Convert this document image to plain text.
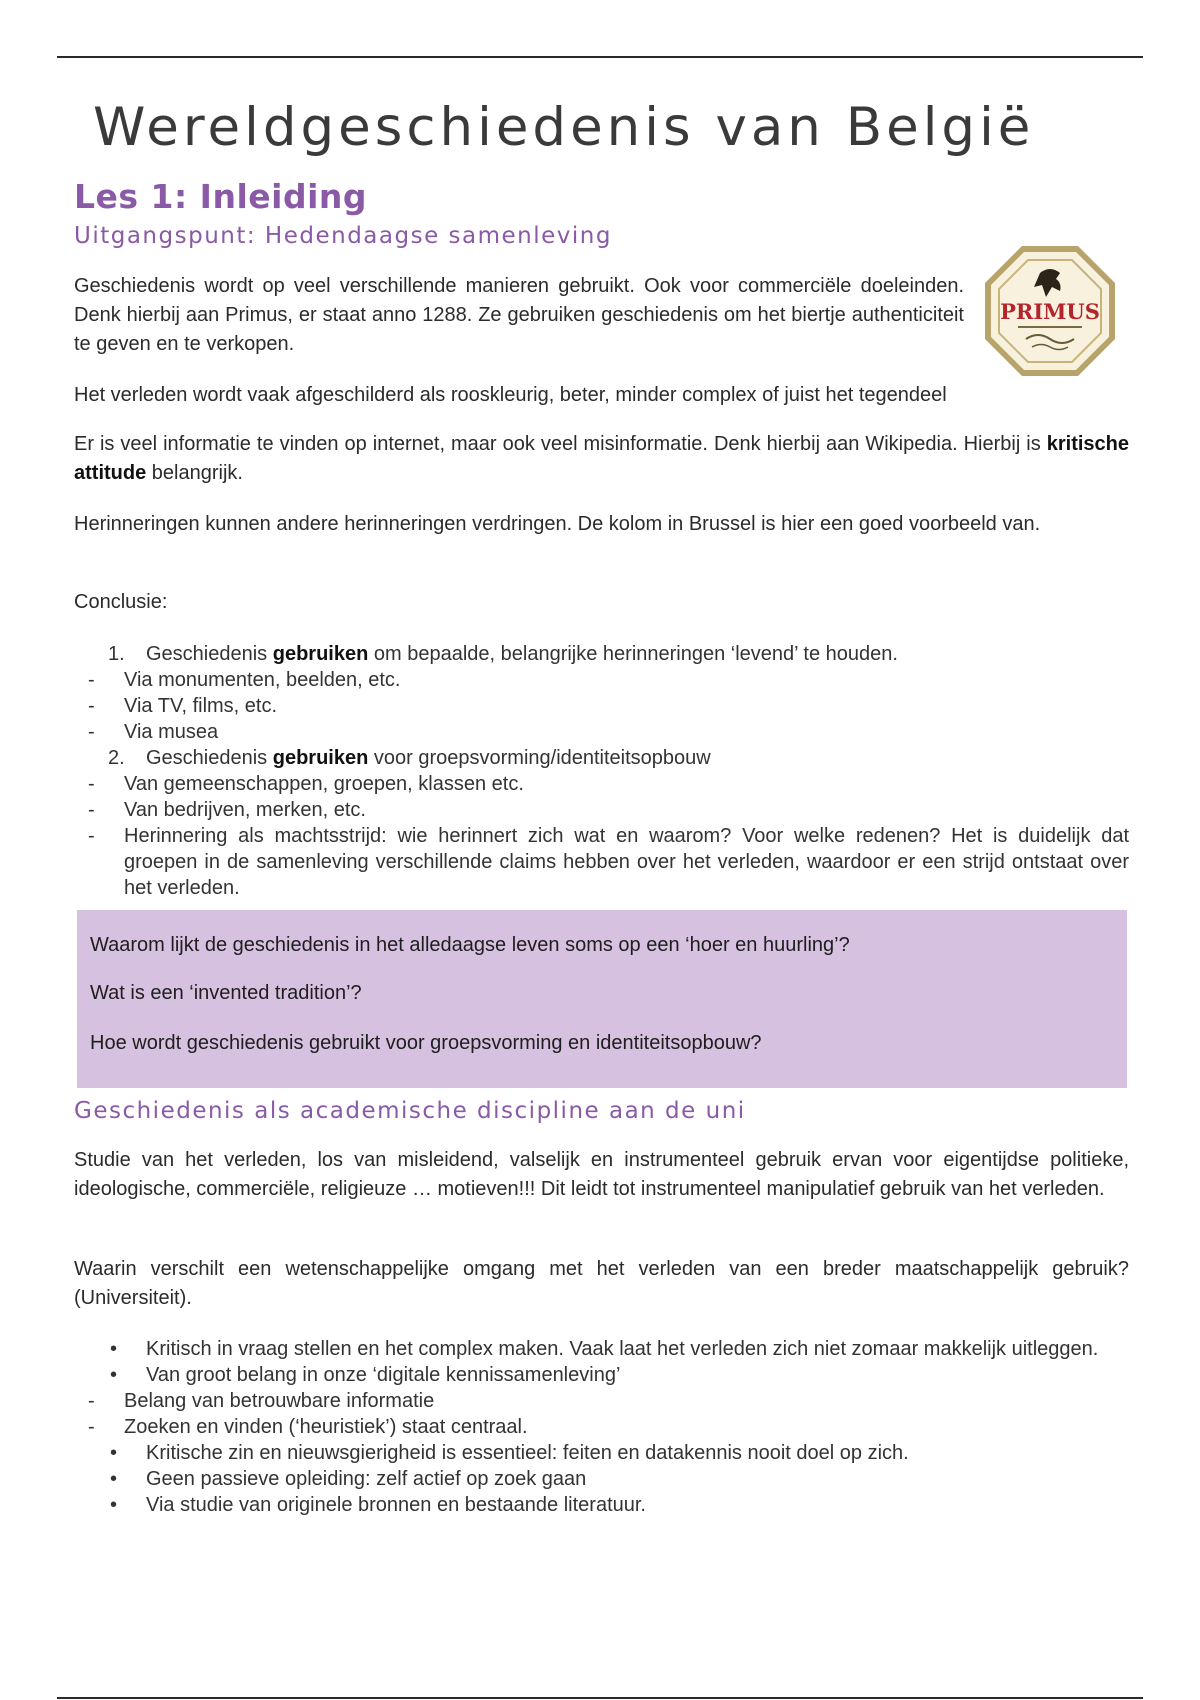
Wereldgeschiedenis van België
Les 1: Inleiding
Uitgangspunt: Hedendaagse samenleving

Geschiedenis wordt op veel verschillende manieren gebruikt. Ook voor commerciële doeleinden. Denk hierbij aan Primus, er staat anno 1288. Ze gebruiken geschiedenis om het biertje authenticiteit te geven en te verkopen.

PRIMUS

Het verleden wordt vaak afgeschilderd als rooskleurig, beter, minder complex of juist het tegendeel

Er is veel informatie te vinden op internet, maar ook veel misinformatie. Denk hierbij aan Wikipedia. Hierbij is kritische attitude belangrijk.

Herinneringen kunnen andere herinneringen verdringen. De kolom in Brussel is hier een goed voorbeeld van.

Conclusie:

1. Geschiedenis gebruiken om bepaalde, belangrijke herinneringen ‘levend’ te houden.
- Via monumenten, beelden, etc.
- Via TV, films, etc.
- Via musea
2. Geschiedenis gebruiken voor groepsvorming/identiteitsopbouw
- Van gemeenschappen, groepen, klassen etc.
- Van bedrijven, merken, etc.
- Herinnering als machtsstrijd: wie herinnert zich wat en waarom? Voor welke redenen? Het is duidelijk dat groepen in de samenleving verschillende claims hebben over het verleden, waardoor er een strijd ontstaat over het verleden.

Waarom lijkt de geschiedenis in het alledaagse leven soms op een ‘hoer en huurling’?

Wat is een ‘invented tradition’?

Hoe wordt geschiedenis gebruikt voor groepsvorming en identiteitsopbouw?

Geschiedenis als academische discipline aan de uni

Studie van het verleden, los van misleidend, valselijk en instrumenteel gebruik ervan voor eigentijdse politieke, ideologische, commerciële, religieuze … motieven!!! Dit leidt tot instrumenteel manipulatief gebruik van het verleden.

Waarin verschilt een wetenschappelijke omgang met het verleden van een breder maatschappelijk gebruik? (Universiteit).

• Kritisch in vraag stellen en het complex maken. Vaak laat het verleden zich niet zomaar makkelijk uitleggen.
• Van groot belang in onze ‘digitale kennissamenleving’
- Belang van betrouwbare informatie
- Zoeken en vinden (‘heuristiek’) staat centraal.
• Kritische zin en nieuwsgierigheid is essentieel: feiten en datakennis nooit doel op zich.
• Geen passieve opleiding: zelf actief op zoek gaan
• Via studie van originele bronnen en bestaande literatuur.
